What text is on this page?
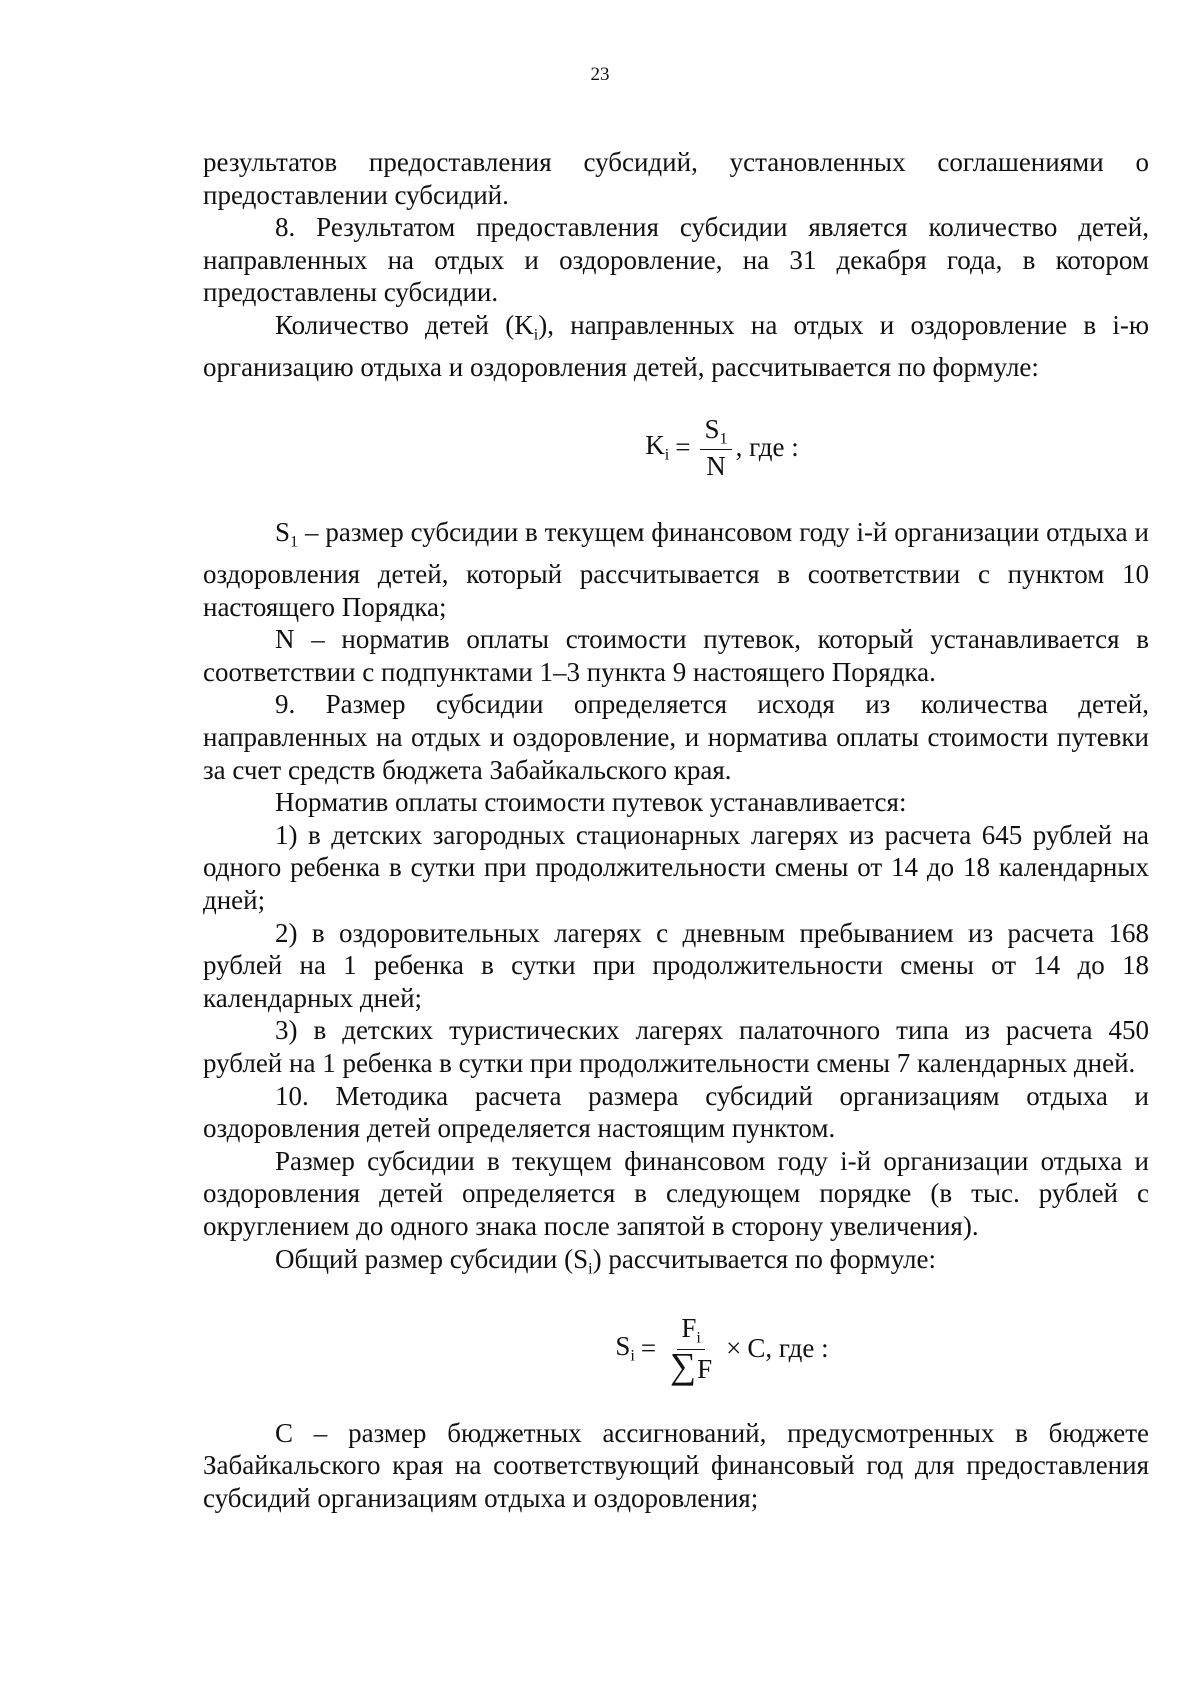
23

результатов предоставления субсидий, установленных соглашениями о предоставлении субсидий.

8. Результатом предоставления субсидии является количество детей, направленных на отдых и оздоровление, на 31 декабря года, в котором предоставлены субсидии.

Количество детей $(K_i)$, направленных на отдых и оздоровление в i-ю организацию отдыха и оздоровления детей, рассчитывается по формуле:

$K_i = \frac{S_1}{N}$ , где :

$S_1$ – размер субсидии в текущем финансовом году i-й организации отдыха и оздоровления детей, который рассчитывается в соответствии с пунктом 10 настоящего Порядка;

N – норматив оплаты стоимости путевок, который устанавливается в соответствии с подпунктами 1–3 пункта 9 настоящего Порядка.

9. Размер субсидии определяется исходя из количества детей, направленных на отдых и оздоровление, и норматива оплаты стоимости путевки за счет средств бюджета Забайкальского края.

Норматив оплаты стоимости путевок устанавливается:

1) в детских загородных стационарных лагерях из расчета 645 рублей на одного ребенка в сутки при продолжительности смены от 14 до 18 календарных дней;

2) в оздоровительных лагерях с дневным пребыванием из расчета 168 рублей на 1 ребенка в сутки при продолжительности смены от 14 до 18 календарных дней;

3) в детских туристических лагерях палаточного типа из расчета 450 рублей на 1 ребенка в сутки при продолжительности смены 7 календарных дней.

10. Методика расчета размера субсидий организациям отдыха и оздоровления детей определяется настоящим пунктом.

Размер субсидии в текущем финансовом году i-й организации отдыха и оздоровления детей определяется в следующем порядке (в тыс. рублей с округлением до одного знака после запятой в сторону увеличения).

Общий размер субсидии $(S_i)$ рассчитывается по формуле:

$S_i = \frac{F_i}{\sum F} \times C$, где :

С – размер бюджетных ассигнований, предусмотренных в бюджете Забайкальского края на соответствующий финансовый год для предоставления субсидий организациям отдыха и оздоровления;
